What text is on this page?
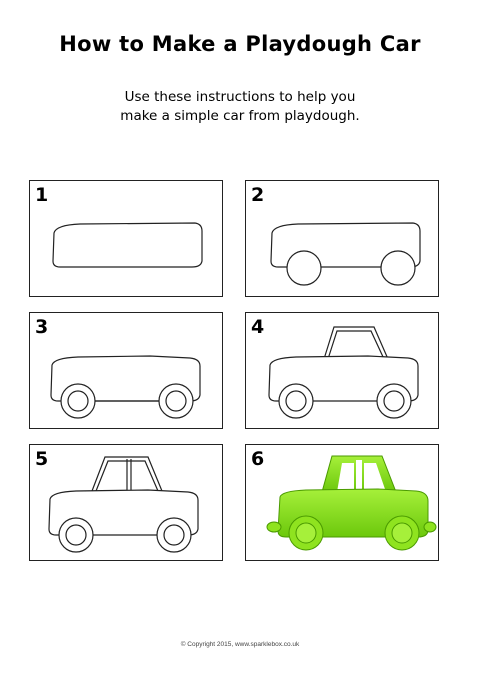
How to Make a Playdough Car
Use these instructions to help you
make a simple car from playdough.
1	2
3	4
5	6
© Copyright 2015, www.sparklebox.co.uk
